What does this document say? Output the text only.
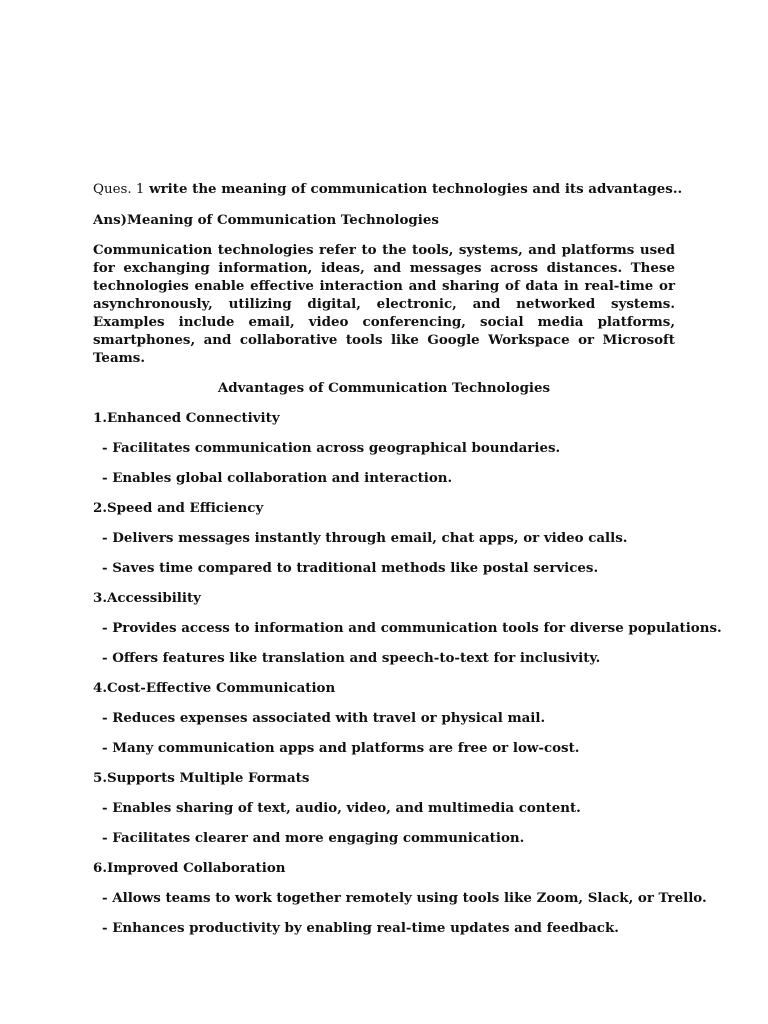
Ques. 1 write the meaning of communication technologies and its advantages..

Ans)Meaning of Communication Technologies

Communication technologies refer to the tools, systems, and platforms used for exchanging information, ideas, and messages across distances. These technologies enable effective interaction and sharing of data in real-time or asynchronously, utilizing digital, electronic, and networked systems. Examples include email, video conferencing, social media platforms, smartphones, and collaborative tools like Google Workspace or Microsoft Teams.

Advantages of Communication Technologies

1.Enhanced Connectivity

- Facilitates communication across geographical boundaries.

- Enables global collaboration and interaction.

2.Speed and Efficiency

- Delivers messages instantly through email, chat apps, or video calls.

- Saves time compared to traditional methods like postal services.

3.Accessibility

- Provides access to information and communication tools for diverse populations.

- Offers features like translation and speech-to-text for inclusivity.

4.Cost-Effective Communication

- Reduces expenses associated with travel or physical mail.

- Many communication apps and platforms are free or low-cost.

5.Supports Multiple Formats

- Enables sharing of text, audio, video, and multimedia content.

- Facilitates clearer and more engaging communication.

6.Improved Collaboration

- Allows teams to work together remotely using tools like Zoom, Slack, or Trello.

- Enhances productivity by enabling real-time updates and feedback.
